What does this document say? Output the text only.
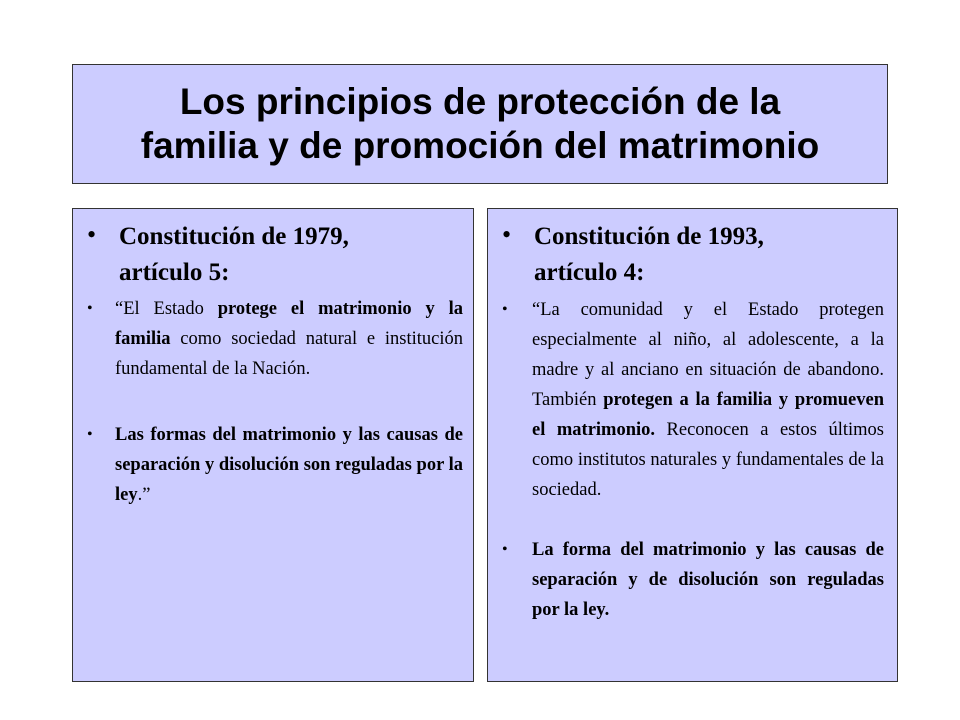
Los principios de protección de la
familia y de promoción del matrimonio
• Constitución de 1979,
artículo 5:
• “El Estado protege el matrimonio y la familia como sociedad natural e institución fundamental de la Nación.
• Las formas del matrimonio y las causas de separación y disolución son reguladas por la ley.”
• Constitución de 1993,
artículo 4:
• “La comunidad y el Estado protegen especialmente al niño, al adolescente, a la madre y al anciano en situación de abandono. También protegen a la familia y promueven el matrimonio. Reconocen a estos últimos como institutos naturales y fundamentales de la sociedad.
• La forma del matrimonio y las causas de separación y de disolución son reguladas por la ley.
